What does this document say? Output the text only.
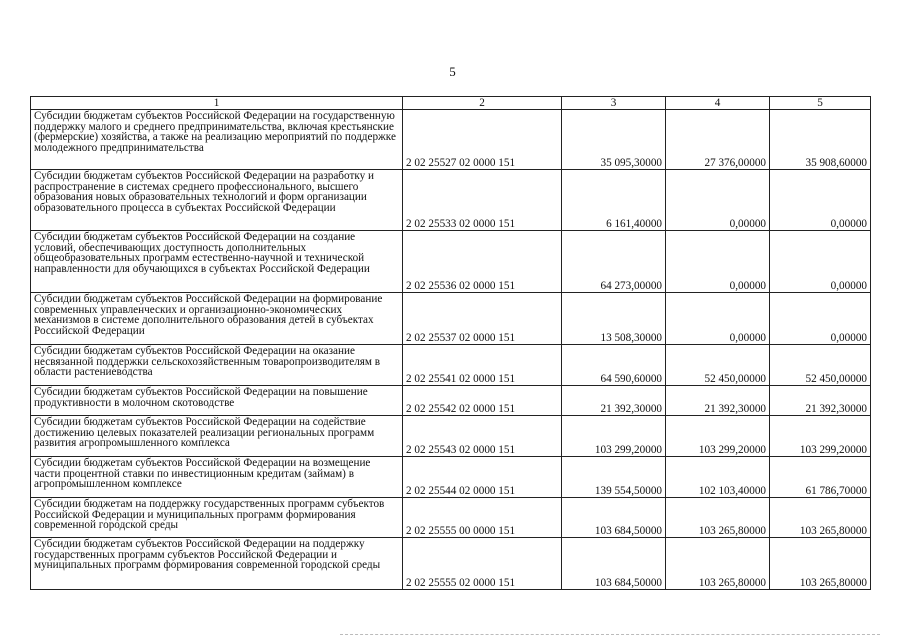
5
1	2	3	4	5
Субсидии бюджетам субъектов Российской Федерации на государственную поддержку малого и среднего предпринимательства, включая крестьянские (фермерские) хозяйства, а также на реализацию мероприятий по поддержке молодежного предпринимательства	2 02 25527 02 0000 151	35 095,30000	27 376,00000	35 908,60000
Субсидии бюджетам субъектов Российской Федерации на разработку и распространение в системах среднего профессионального, высшего образования новых образовательных технологий и форм организации образовательного процесса в субъектах Российской Федерации	2 02 25533 02 0000 151	6 161,40000	0,00000	0,00000
Субсидии бюджетам субъектов Российской Федерации на создание условий, обеспечивающих доступность дополнительных общеобразовательных программ естественно-научной и технической направленности для обучающихся в субъектах Российской Федерации	2 02 25536 02 0000 151	64 273,00000	0,00000	0,00000
Субсидии бюджетам субъектов Российской Федерации на формирование современных управленческих и организационно-экономических механизмов в системе дополнительного образования детей в субъектах Российской Федерации	2 02 25537 02 0000 151	13 508,30000	0,00000	0,00000
Субсидии бюджетам субъектов Российской Федерации на оказание несвязанной поддержки сельскохозяйственным товаропроизводителям в области растениеводства	2 02 25541 02 0000 151	64 590,60000	52 450,00000	52 450,00000
Субсидии бюджетам субъектов Российской Федерации на повышение продуктивности в молочном скотоводстве	2 02 25542 02 0000 151	21 392,30000	21 392,30000	21 392,30000
Субсидии бюджетам субъектов Российской Федерации на содействие достижению целевых показателей реализации региональных программ развития агропромышленного комплекса	2 02 25543 02 0000 151	103 299,20000	103 299,20000	103 299,20000
Субсидии бюджетам субъектов Российской Федерации на возмещение части процентной ставки по инвестиционным кредитам (займам) в агропромышленном комплексе	2 02 25544 02 0000 151	139 554,50000	102 103,40000	61 786,70000
Субсидии бюджетам на поддержку государственных программ субъектов Российской Федерации и муниципальных программ формирования современной городской среды	2 02 25555 00 0000 151	103 684,50000	103 265,80000	103 265,80000
Субсидии бюджетам субъектов Российской Федерации на поддержку государственных программ субъектов Российской Федерации и муниципальных программ формирования современной городской среды	2 02 25555 02 0000 151	103 684,50000	103 265,80000	103 265,80000
